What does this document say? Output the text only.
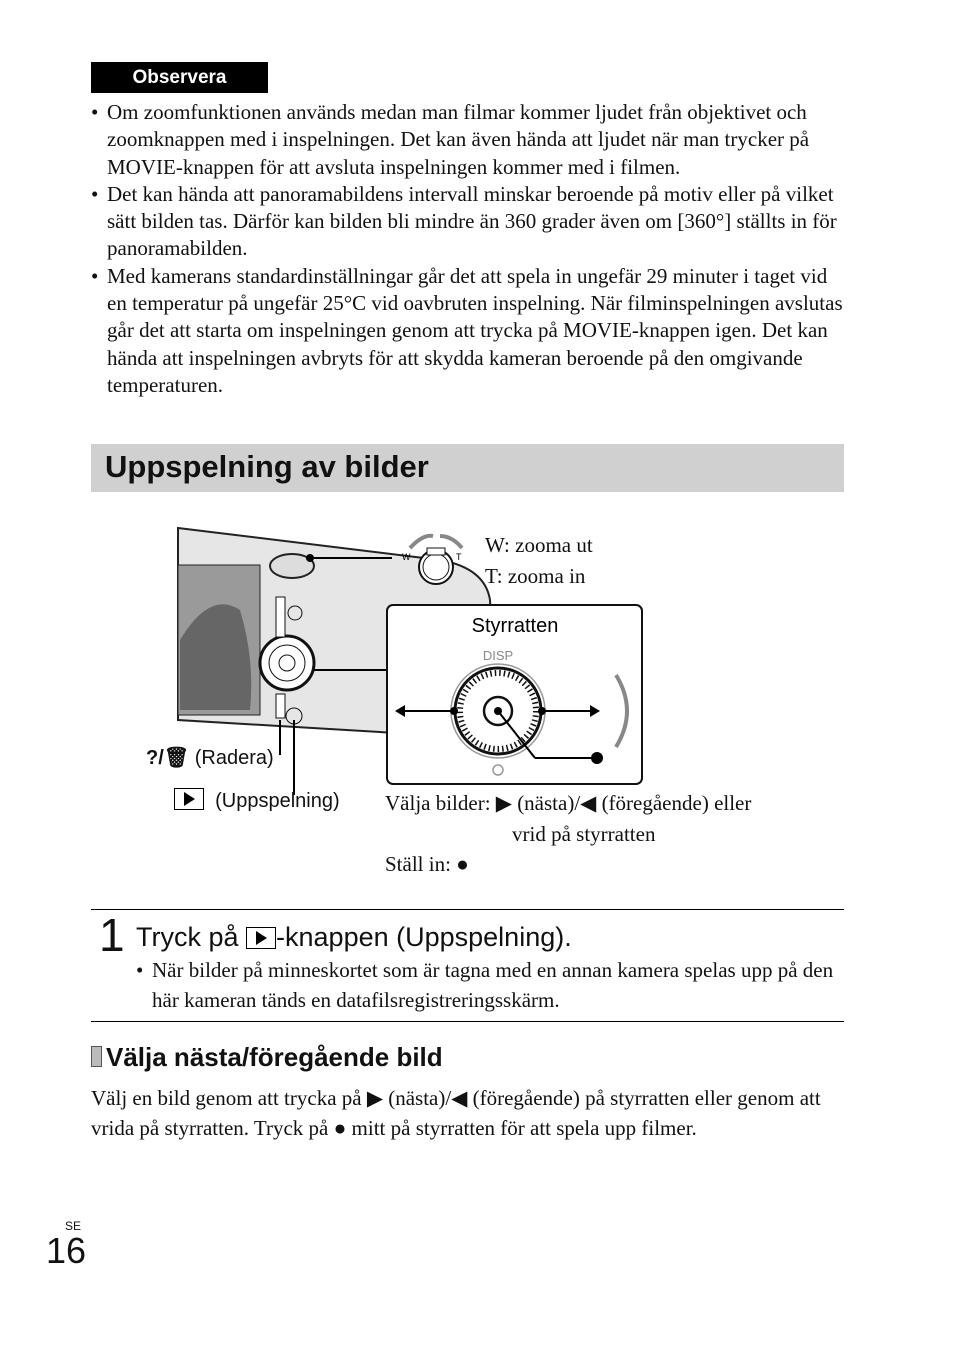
Observera
• Om zoomfunktionen används medan man filmar kommer ljudet från objektivet och zoomknappen med i inspelningen. Det kan även hända att ljudet när man trycker på MOVIE-knappen för att avsluta inspelningen kommer med i filmen.
• Det kan hända att panoramabildens intervall minskar beroende på motiv eller på vilket sätt bilden tas. Därför kan bilden bli mindre än 360 grader även om [360°] ställts in för panoramabilden.
• Med kamerans standardinställningar går det att spela in ungefär 29 minuter i taget vid en temperatur på ungefär 25°C vid oavbruten inspelning. När filminspelningen avslutas går det att starta om inspelningen genom att trycka på MOVIE-knappen igen. Det kan hända att inspelningen avbryts för att skydda kameran beroende på den omgivande temperaturen.
Uppspelning av bilder
W	T
DISP
Styrratten
W: zooma ut
T: zooma in
?/🗑︎ (Radera)
(Uppspelning) Välja bilder: ▶ (nästa)/◀ (föregående) eller
vrid på styrratten
Ställ in: ●
1 Tryck på -knappen (Uppspelning).
• När bilder på minneskortet som är tagna med en annan kamera spelas upp på den här kameran tänds en datafilsregistreringsskärm.
Välja nästa/föregående bild
Välj en bild genom att trycka på ▶ (nästa)/◀ (föregående) på styrratten eller genom att vrida på styrratten. Tryck på ● mitt på styrratten för att spela upp filmer.
SE
16
